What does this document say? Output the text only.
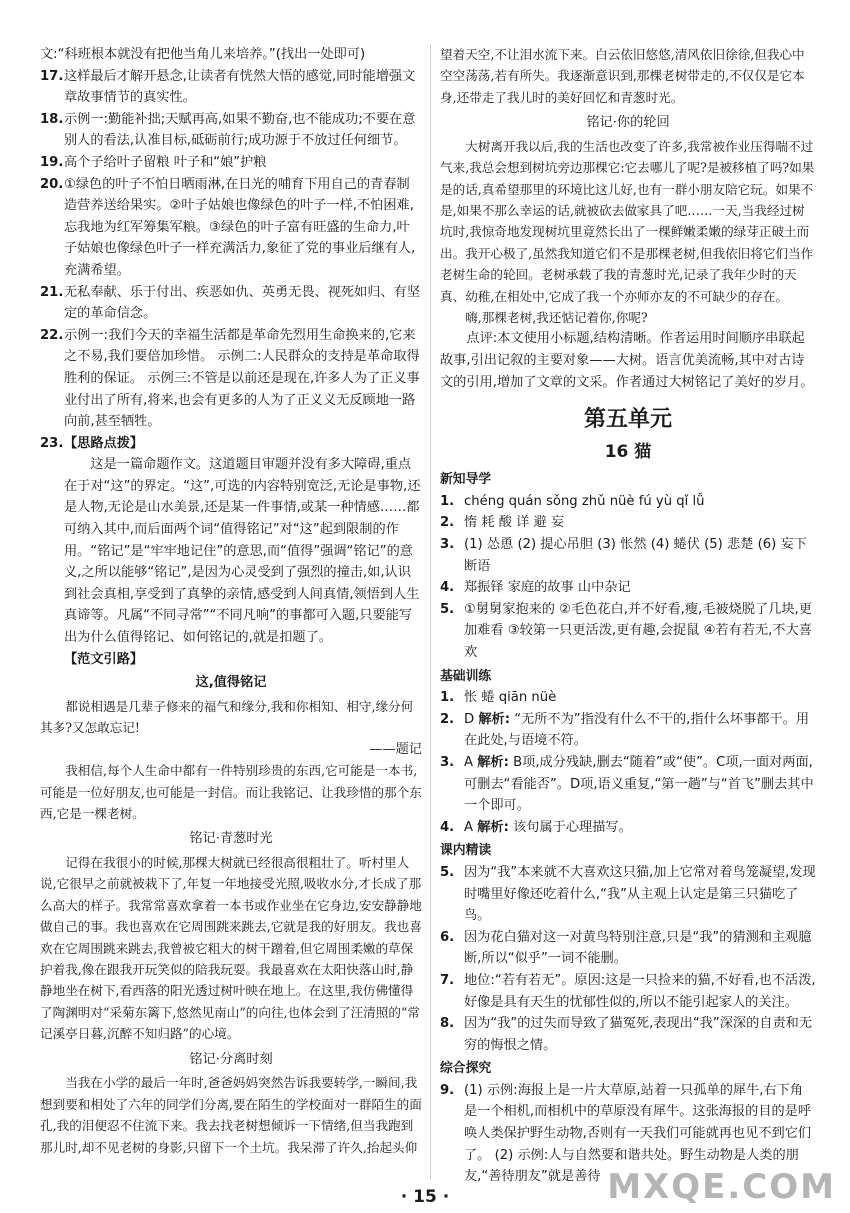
文:“科班根本就没有把他当角儿来培养。”(找出一处即可)

17. 这样最后才解开悬念,让读者有恍然大悟的感觉,同时能增强文章故事情节的真实性。
18. 示例一:勤能补拙;天赋再高,如果不勤奋,也不能成功;不要在意别人的看法,认准目标,砥砺前行;成功源于不放过任何细节。
19. 高个子给叶子留粮 叶子和“娘”护粮
20. ①绿色的叶子不怕日晒雨淋,在日光的哺育下用自己的青春制造营养送给果实。②叶子姑娘也像绿色的叶子一样,不怕困难,忘我地为红军筹集军粮。③绿色的叶子富有旺盛的生命力,叶子姑娘也像绿色叶子一样充满活力,象征了党的事业后继有人,充满希望。
21. 无私奉献、乐于付出、疾恶如仇、英勇无畏、视死如归、有坚定的革命信念。
22. 示例一:我们今天的幸福生活都是革命先烈用生命换来的,它来之不易,我们要倍加珍惜。 示例二:人民群众的支持是革命取得胜利的保证。 示例三:不管是以前还是现在,许多人为了正义事业付出了所有,将来,也会有更多的人为了正义义无反顾地一路向前,甚至牺牲。
23. 【思路点拨】

这是一篇命题作文。这道题目审题并没有多大障碍,重点在于对“这”的界定。“这”,可选的内容特别宽泛,无论是事物,还是人物,无论是山水美景,还是某一件事情,或某一种情感……都可纳入其中,而后面两个词“值得铭记”对“这”起到限制的作用。“铭记”是“牢牢地记住”的意思,而“值得”强调“铭记”的意义,之所以能够“铭记”,是因为心灵受到了强烈的撞击,如,认识到社会真相,享受到了真挚的亲情,感受到人间真情,领悟到人生真谛等。凡属“不同寻常”“不同凡响”的事都可入题,只要能写出为什么值得铭记、如何铭记的,就是扣题了。

【范文引路】

这,值得铭记

都说相遇是几辈子修来的福气和缘分,我和你相知、相守,缘分何其多?又怎敢忘记!

——题记

我相信,每个人生命中都有一件特别珍贵的东西,它可能是一本书,可能是一位好朋友,也可能是一封信。而让我铭记、让我珍惜的那个东西,它是一棵老树。

铭记·青葱时光

记得在我很小的时候,那棵大树就已经很高很粗壮了。听村里人说,它很早之前就被栽下了,年复一年地接受光照,吸收水分,才长成了那么高大的样子。我常常喜欢拿着一本书或作业坐在它身边,安安静静地做自己的事。我也喜欢在它周围跳来跳去,它就是我的好朋友。我也喜欢在它周围跳来跳去,我曾被它粗大的树干蹭着,但它周围柔嫩的草保护着我,像在跟我开玩笑似的陪我玩耍。我最喜欢在太阳快落山时,静静地坐在树下,看西落的阳光透过树叶映在地上。在这里,我仿佛懂得了陶渊明对“采菊东篱下,悠然见南山”的向往,也体会到了汪清照的“常记溪亭日暮,沉醉不知归路”的心境。

铭记·分离时刻

当我在小学的最后一年时,爸爸妈妈突然告诉我要转学,一瞬间,我想到要和相处了六年的同学们分离,要在陌生的学校面对一群陌生的面孔,我的泪便忍不住流下来。我去找老树想倾诉一下情绪,但当我跑到那儿时,却不见老树的身影,只留下一个土坑。我呆滞了许久,抬起头仰

望着天空,不让泪水流下来。白云依旧悠悠,清风依旧徐徐,但我心中空空荡荡,若有所失。我逐渐意识到,那棵老树带走的,不仅仅是它本身,还带走了我儿时的美好回忆和青葱时光。

铭记·你的轮回

大树离开我以后,我的生活也改变了许多,我常被作业压得喘不过气来,我总会想到树坑旁边那棵它:它去哪儿了呢?是被移植了吗?如果是的话,真希望那里的环境比这儿好,也有一群小朋友陪它玩。如果不是,如果不那么幸运的话,就被砍去做家具了吧……一天,当我经过树坑时,我惊奇地发现树坑里竟然长出了一棵鲜嫩柔嫩的绿芽正破土而出。我开心极了,虽然我知道它们不是那棵老树,但我依旧将它们当作老树生命的轮回。老树承载了我的青葱时光,记录了我年少时的天真、幼稚,在相处中,它成了我一个亦师亦友的不可缺少的存在。

嗨,那棵老树,我还惦记着你,你呢?

点评:本文使用小标题,结构清晰。作者运用时间顺序串联起故事,引出记叙的主要对象——大树。语言优美流畅,其中对古诗文的引用,增加了文章的文采。作者通过大树铭记了美好的岁月。

第五单元

16 猫

新知导学

1. chéng quán sǒng zhǔ nüè fú yù qǐ lǚ
2. 惰 耗 酸 详 避 妄
3. (1) 怂恿 (2) 提心吊胆 (3) 怅然 (4) 蜷伏 (5) 悲楚 (6) 妄下断语
4. 郑振铎 家庭的故事 山中杂记
5. ①舅舅家抱来的 ②毛色花白,并不好看,瘦,毛被烧脱了几块,更加难看 ③较第一只更活泼,更有趣,会捉鼠 ④若有若无,不大喜欢

基础训练

1. 怅 蜷 qiān nüè
2. D 解析: “无所不为”指没有什么不干的,指什么坏事都干。用在此处,与语境不符。
3. A 解析: B项,成分残缺,删去“随着”或“使”。C项,一面对两面,可删去“看能否”。D项,语义重复,“第一趟”与“首飞”删去其中一个即可。
4. A 解析: 该句属于心理描写。

课内精读

5. 因为“我”本来就不大喜欢这只猫,加上它常对着鸟笼凝望,发现时嘴里好像还吃着什么,“我”从主观上认定是第三只猫吃了鸟。
6. 因为花白猫对这一对黄鸟特别注意,只是“我”的猜测和主观臆断,所以“似乎”一词不能删。
7. 地位:“若有若无”。原因:这是一只捡来的猫,不好看,也不活泼,好像是具有天生的忧郁性似的,所以不能引起家人的关注。
8. 因为“我”的过失而导致了猫冤死,表现出“我”深深的自责和无穷的悔恨之情。

综合探究

9. (1) 示例:海报上是一片大草原,站着一只孤单的犀牛,右下角是一个相机,而相机中的草原没有犀牛。这张海报的目的是呼唤人类保护野生动物,否则有一天我们可能就再也见不到它们了。 (2) 示例:人与自然要和谐共处。野生动物是人类的朋友,“善待朋友”就是善待
· 15 ·	MXQE.COM
